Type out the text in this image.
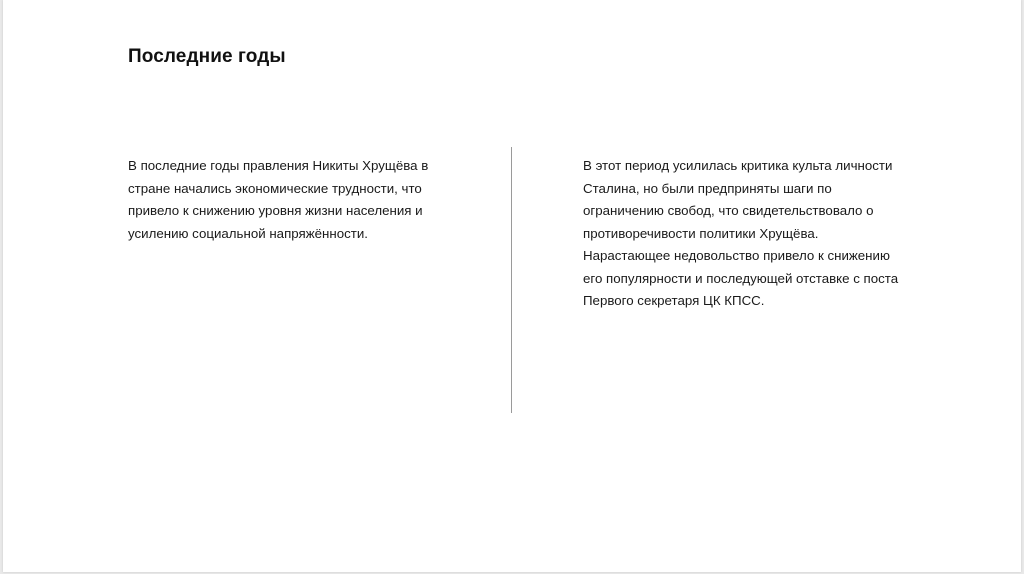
Последние годы
В последние годы правления Никиты Хрущёва в
стране начались экономические трудности, что
привело к снижению уровня жизни населения и
усилению социальной напряжённости.
В этот период усилилась критика культа личности
Сталина, но были предприняты шаги по
ограничению свобод, что свидетельствовало о
противоречивости политики Хрущёва.
Нарастающее недовольство привело к снижению
его популярности и последующей отставке с поста
Первого секретаря ЦК КПСС.
